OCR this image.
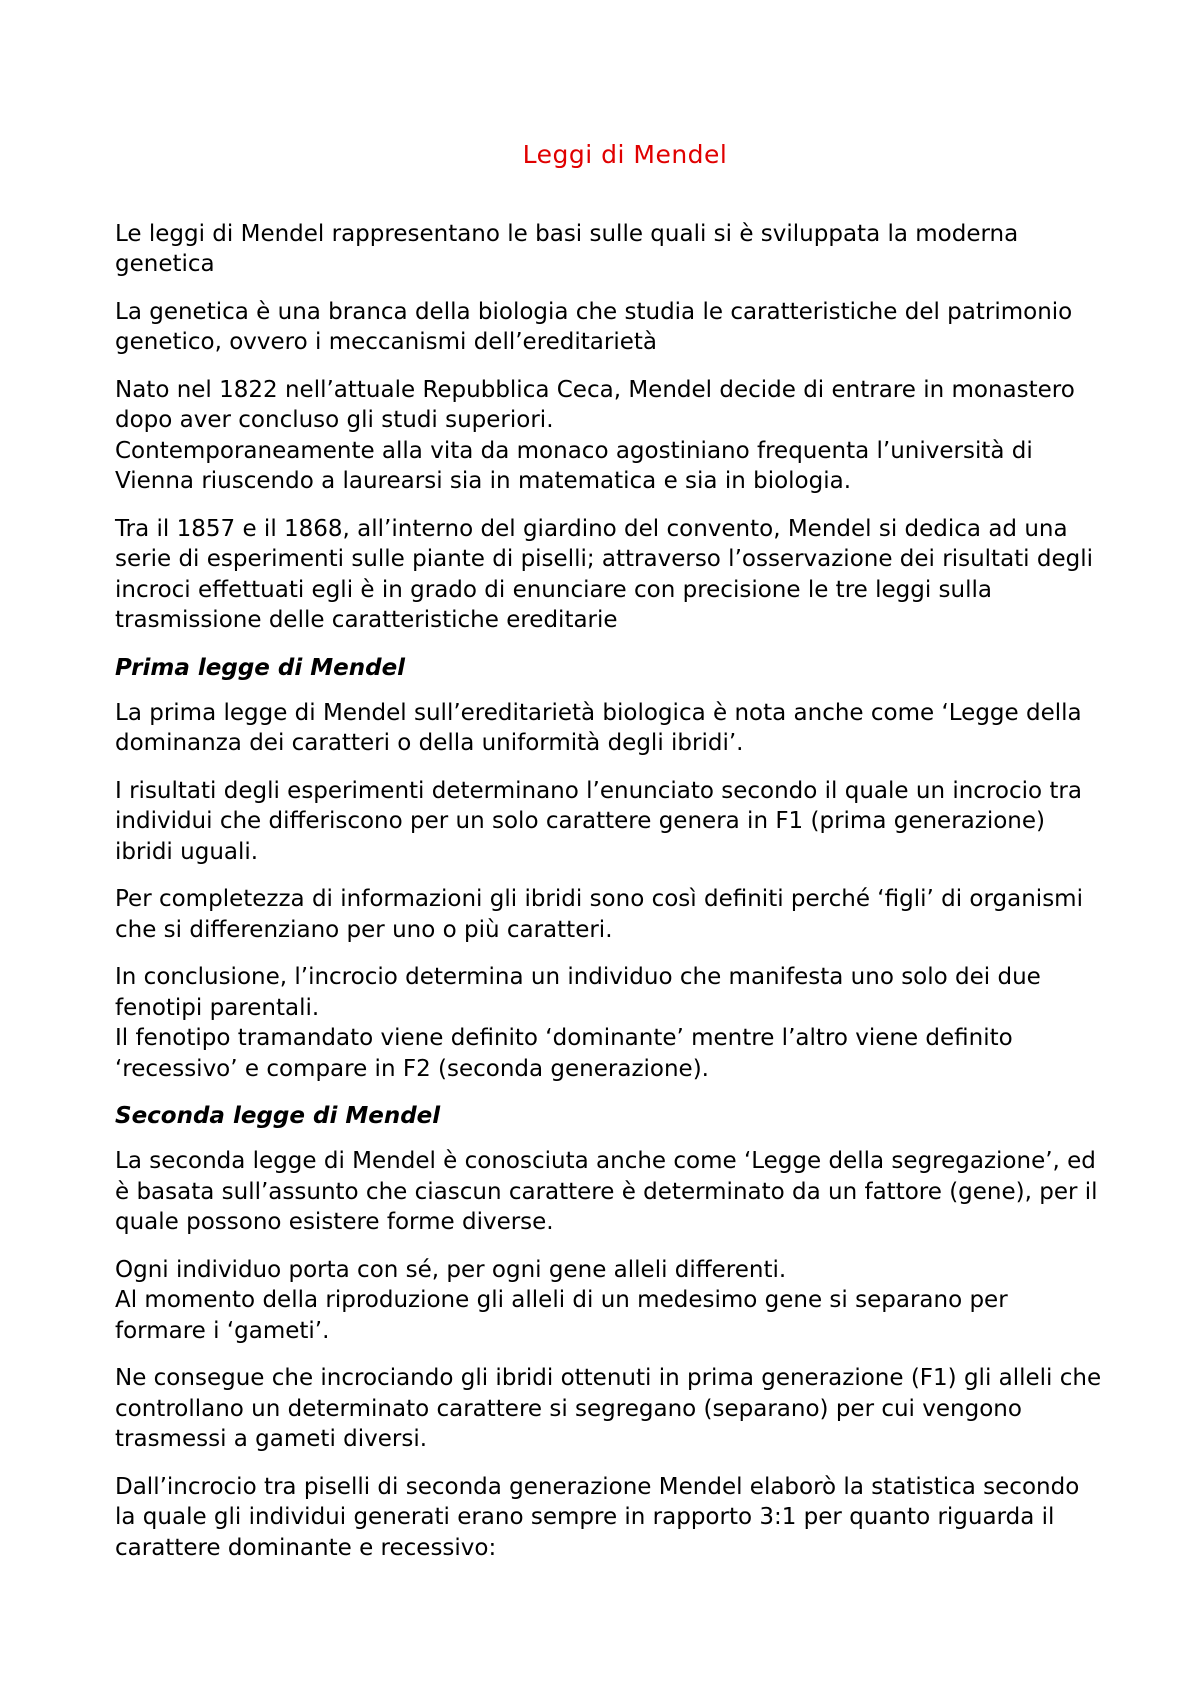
Leggi di Mendel

Le leggi di Mendel rappresentano le basi sulle quali si è sviluppata la moderna genetica

La genetica è una branca della biologia che studia le caratteristiche del patrimonio genetico, ovvero i meccanismi dell’ereditarietà

Nato nel 1822 nell’attuale Repubblica Ceca, Mendel decide di entrare in monastero dopo aver concluso gli studi superiori.
Contemporaneamente alla vita da monaco agostiniano frequenta l’università di Vienna riuscendo a laurearsi sia in matematica e sia in biologia.

Tra il 1857 e il 1868, all’interno del giardino del convento, Mendel si dedica ad una serie di esperimenti sulle piante di piselli; attraverso l’osservazione dei risultati degli incroci effettuati egli è in grado di enunciare con precisione le tre leggi sulla trasmissione delle caratteristiche ereditarie

Prima legge di Mendel

La prima legge di Mendel sull’ereditarietà biologica è nota anche come ‘Legge della dominanza dei caratteri o della uniformità degli ibridi’.

I risultati degli esperimenti determinano l’enunciato secondo il quale un incrocio tra individui che differiscono per un solo carattere genera in F1 (prima generazione) ibridi uguali.

Per completezza di informazioni gli ibridi sono così definiti perché ‘figli’ di organismi che si differenziano per uno o più caratteri.

In conclusione, l’incrocio determina un individuo che manifesta uno solo dei due fenotipi parentali.
Il fenotipo tramandato viene definito ‘dominante’ mentre l’altro viene definito ‘recessivo’ e compare in F2 (seconda generazione).

Seconda legge di Mendel

La seconda legge di Mendel è conosciuta anche come ‘Legge della segregazione’, ed è basata sull’assunto che ciascun carattere è determinato da un fattore (gene), per il quale possono esistere forme diverse.

Ogni individuo porta con sé, per ogni gene alleli differenti.
Al momento della riproduzione gli alleli di un medesimo gene si separano per formare i ‘gameti’.

Ne consegue che incrociando gli ibridi ottenuti in prima generazione (F1) gli alleli che controllano un determinato carattere si segregano (separano) per cui vengono trasmessi a gameti diversi.

Dall’incrocio tra piselli di seconda generazione Mendel elaborò la statistica secondo la quale gli individui generati erano sempre in rapporto 3:1 per quanto riguarda il carattere dominante e recessivo:
